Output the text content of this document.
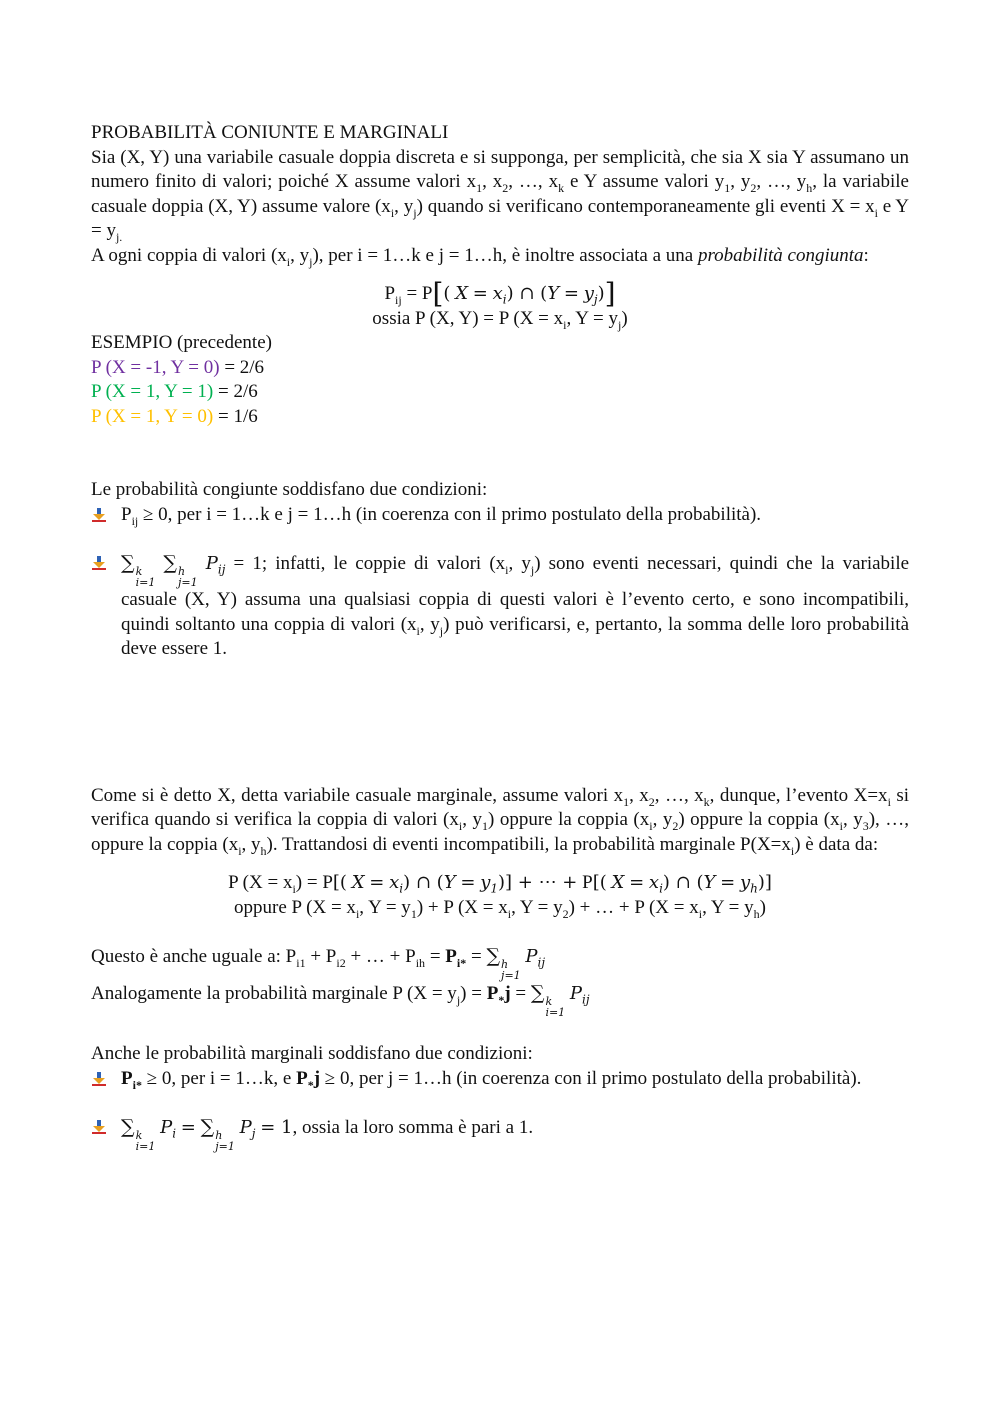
PROBABILITÀ CONIUNTE E MARGINALI

Sia (X, Y) una variabile casuale doppia discreta e si supponga, per semplicità, che sia X sia Y assumano un numero finito di valori; poiché X assume valori $x_1$, $x_2$, …, $x_k$ e Y assume valori $y_1$, $y_2$, …, $y_h$, la variabile casuale doppia (X, Y) assume valore ($x_i$, $y_j$) quando si verificano contemporaneamente gli eventi $X = x_i$ e $Y = y_{j.}$

A ogni coppia di valori ($x_i$, $y_j$), per i = 1…k e j = 1…h, è inoltre associata a una probabilità congiunta:

$P_{ij} = P$[( $X = x_i$) ∩ $(Y = y_j)$]

ossia P (X, Y) = P ($X = x_i$, $Y = y_j$)

ESEMPIO (precedente)

P (X = -1, Y = 0) = 2/6

P (X = 1, Y = 1) = 2/6

P (X = 1, Y = 0) = 1/6

Le probabilità congiunte soddisfano due condizioni:

$P_{ij} \ge 0$, per i = 1…k e j = 1…h (in coerenza con il primo postulato della probabilità).

∑ k
i=1
∑ h
j=1
$P_{ij} = 1$; infatti, le coppie di valori ($x_i$, $y_j$) sono eventi necessari, quindi che la variabile casuale (X, Y) assuma una qualsiasi coppia di questi valori è l’evento certo, e sono incompatibili, quindi soltanto una coppia di valori ($x_i$, $y_j$) può verificarsi, e, pertanto, la somma delle loro probabilità deve essere 1.

Come si è detto X, detta variabile casuale marginale, assume valori $x_1$, $x_2$, …, $x_k$, dunque, l’evento $X=x_i$ si verifica quando si verifica la coppia di valori ($x_i$, $y_1$) oppure la coppia ($x_i$, $y_2$) oppure la coppia ($x_i$, $y_3$), …, oppure la coppia ($x_i$, $y_h$). Trattandosi di eventi incompatibili, la probabilità marginale $P(X=x_i)$ è data da:

P $(X = x_i) = P$[( $X = x_i$) ∩ $(Y = y_1)$] + ⋯ + P[( $X = x_i$) ∩ $(Y = y_h)$]

oppure P ($X = x_i$, $Y = y_1) + P$ ($X = x_i$, $Y = y_2$) + … + P ($X = x_i$, $Y = y_h$)

Questo è anche uguale a: $P_{i1} + P_{i2}$ + … + $P_{ih} = P_{i*}$ = ∑ h
j=1
$P_{ij}$

Analogamente la probabilità marginale P $(X = y_j) = P_*j$ = ∑ k
i=1
$P_{ij}$

Anche le probabilità marginali soddisfano due condizioni:

$P_{i*} \ge 0$, per i = 1…k, e $P_*j \ge 0$, per j = 1…h (in coerenza con il primo postulato della probabilità).

∑ k
i=1
$P_i$ = ∑ h
j=1
$P_j = 1$, ossia la loro somma è pari a 1.
